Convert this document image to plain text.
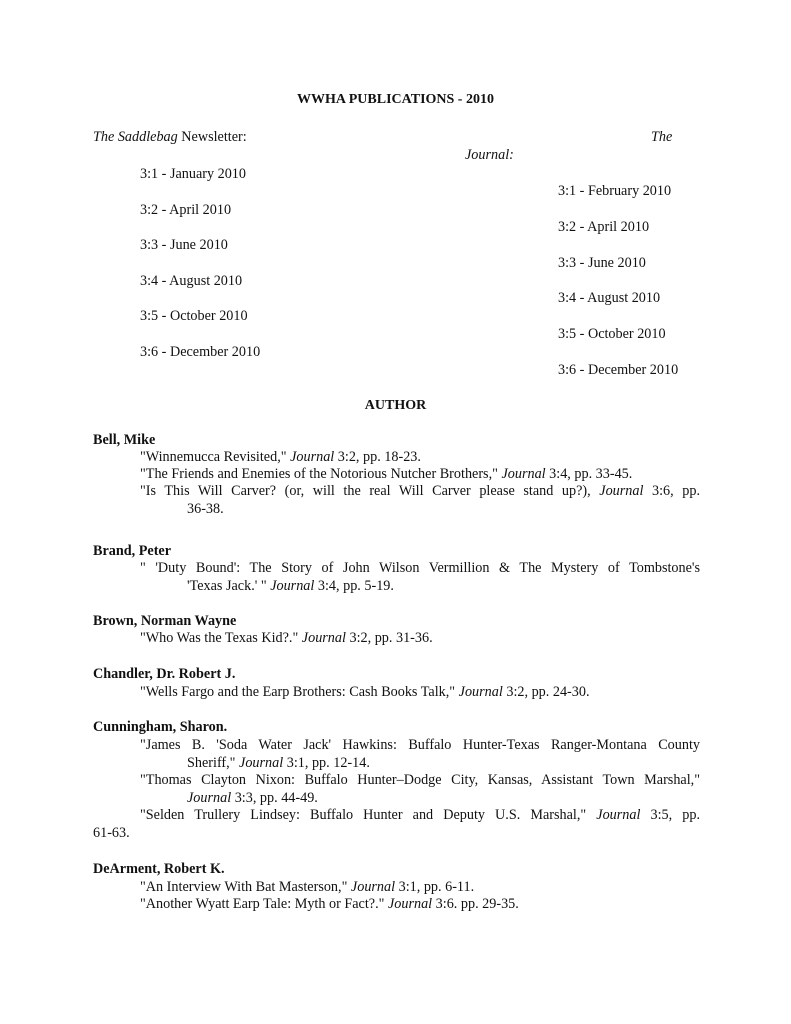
WWHA PUBLICATIONS - 2010
The Saddlebag Newsletter:	The
Journal:
3:1 - January 2010
3:2 - April 2010
3:3 - June 2010
3:4 - August 2010
3:5 - October 2010
3:6 - December 2010
3:1 - February 2010
3:2 - April 2010
3:3 - June 2010
3:4 - August 2010
3:5 - October 2010
3:6 - December 2010
AUTHOR
Bell, Mike
"Winnemucca Revisited," Journal 3:2, pp. 18-23.
"The Friends and Enemies of the Notorious Nutcher Brothers," Journal 3:4, pp. 33-45.
"Is This Will Carver? (or, will the real Will Carver please stand up?), Journal 3:6, pp.
36-38.
Brand, Peter
" 'Duty Bound': The Story of John Wilson Vermillion & The Mystery of Tombstone's
'Texas Jack.' " Journal 3:4, pp. 5-19.
Brown, Norman Wayne
"Who Was the Texas Kid?." Journal 3:2, pp. 31-36.
Chandler, Dr. Robert J.
"Wells Fargo and the Earp Brothers: Cash Books Talk," Journal 3:2, pp. 24-30.
Cunningham, Sharon.
"James B. 'Soda Water Jack' Hawkins: Buffalo Hunter-Texas Ranger-Montana County
Sheriff," Journal 3:1, pp. 12-14.
"Thomas Clayton Nixon: Buffalo Hunter–Dodge City, Kansas, Assistant Town Marshal,"
Journal 3:3, pp. 44-49.
"Selden Trullery Lindsey: Buffalo Hunter and Deputy U.S. Marshal," Journal 3:5, pp.
61-63.
DeArment, Robert K.
"An Interview With Bat Masterson," Journal 3:1, pp. 6-11.
"Another Wyatt Earp Tale: Myth or Fact?." Journal 3:6. pp. 29-35.
